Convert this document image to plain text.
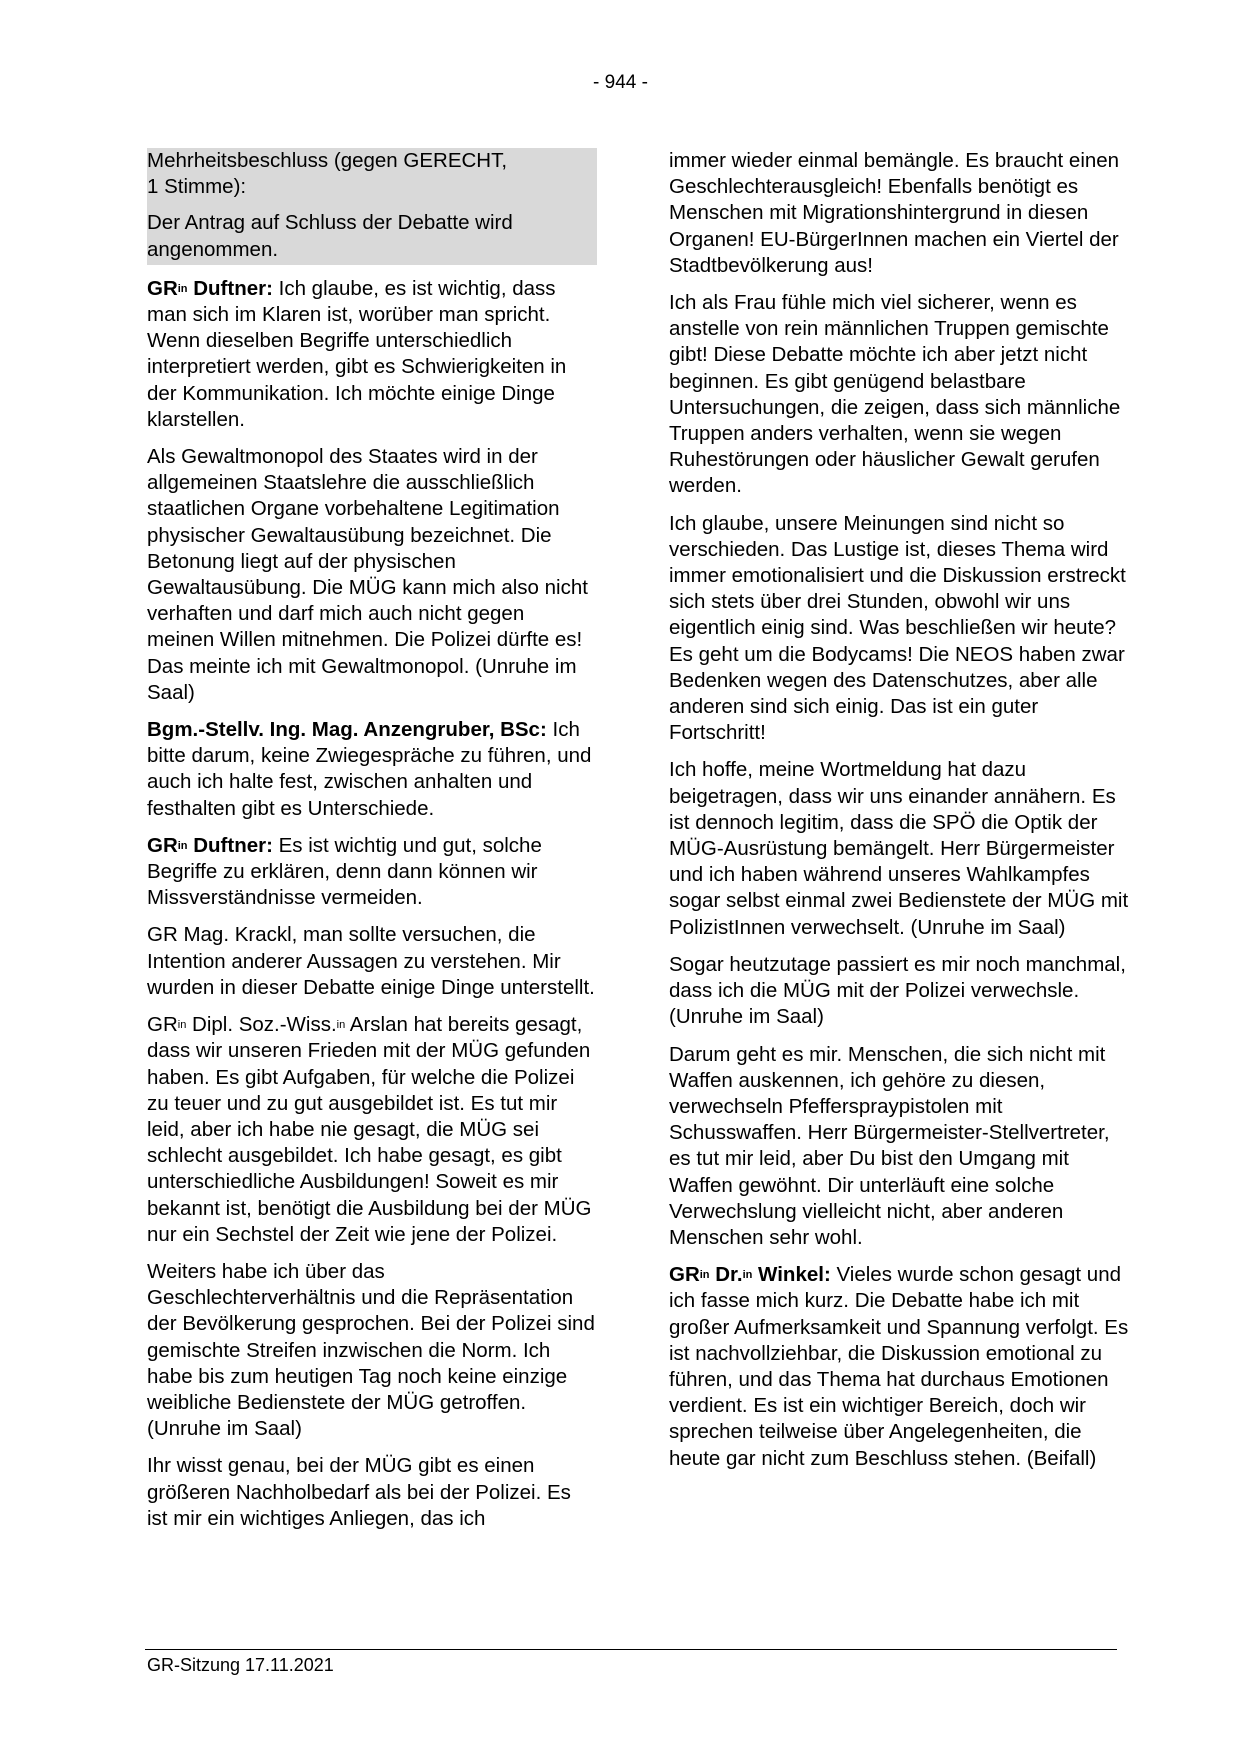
- 944 -

Mehrheitsbeschluss (gegen GERECHT,
1 Stimme):

Der Antrag auf Schluss der Debatte wird angenommen.

$GR^{in}$ Duftner: Ich glaube, es ist wichtig, dass man sich im Klaren ist, worüber man spricht. Wenn dieselben Begriffe unterschiedlich interpretiert werden, gibt es Schwierigkeiten in der Kommunikation. Ich möchte einige Dinge klarstellen.

Als Gewaltmonopol des Staates wird in der allgemeinen Staatslehre die ausschließlich staatlichen Organe vorbehaltene Legitimation physischer Gewaltausübung bezeichnet. Die Betonung liegt auf der physischen Gewaltausübung. Die MÜG kann mich also nicht verhaften und darf mich auch nicht gegen meinen Willen mitnehmen. Die Polizei dürfte es! Das meinte ich mit Gewaltmonopol. (Unruhe im Saal)

Bgm.-Stellv. Ing. Mag. Anzengruber, BSc: Ich bitte darum, keine Zwiegespräche zu führen, und auch ich halte fest, zwischen anhalten und festhalten gibt es Unterschiede.

$GR^{in}$ Duftner: Es ist wichtig und gut, solche Begriffe zu erklären, denn dann können wir Missverständnisse vermeiden.

GR Mag. Krackl, man sollte versuchen, die Intention anderer Aussagen zu verstehen. Mir wurden in dieser Debatte einige Dinge unterstellt.

$GR^{in}$ Dipl. Soz.-Wiss.$^{in}$ Arslan hat bereits gesagt, dass wir unseren Frieden mit der MÜG gefunden haben. Es gibt Aufgaben, für welche die Polizei zu teuer und zu gut ausgebildet ist. Es tut mir leid, aber ich habe nie gesagt, die MÜG sei schlecht ausgebildet. Ich habe gesagt, es gibt unterschiedliche Ausbildungen! Soweit es mir bekannt ist, benötigt die Ausbildung bei der MÜG nur ein Sechstel der Zeit wie jene der Polizei.

Weiters habe ich über das Geschlechterverhältnis und die Repräsentation der Bevölkerung gesprochen. Bei der Polizei sind gemischte Streifen inzwischen die Norm. Ich habe bis zum heutigen Tag noch keine einzige weibliche Bedienstete der MÜG getroffen. (Unruhe im Saal)

Ihr wisst genau, bei der MÜG gibt es einen größeren Nachholbedarf als bei der Polizei. Es ist mir ein wichtiges Anliegen, das ich

immer wieder einmal bemängle. Es braucht einen Geschlechterausgleich! Ebenfalls benötigt es Menschen mit Migrationshintergrund in diesen Organen! EU-BürgerInnen machen ein Viertel der Stadtbevölkerung aus!

Ich als Frau fühle mich viel sicherer, wenn es anstelle von rein männlichen Truppen gemischte gibt! Diese Debatte möchte ich aber jetzt nicht beginnen. Es gibt genügend belastbare Untersuchungen, die zeigen, dass sich männliche Truppen anders verhalten, wenn sie wegen Ruhestörungen oder häuslicher Gewalt gerufen werden.

Ich glaube, unsere Meinungen sind nicht so verschieden. Das Lustige ist, dieses Thema wird immer emotionalisiert und die Diskussion erstreckt sich stets über drei Stunden, obwohl wir uns eigentlich einig sind. Was beschließen wir heute? Es geht um die Bodycams! Die NEOS haben zwar Bedenken wegen des Datenschutzes, aber alle anderen sind sich einig. Das ist ein guter Fortschritt!

Ich hoffe, meine Wortmeldung hat dazu beigetragen, dass wir uns einander annähern. Es ist dennoch legitim, dass die SPÖ die Optik der MÜG-Ausrüstung bemängelt. Herr Bürgermeister und ich haben während unseres Wahlkampfes sogar selbst einmal zwei Bedienstete der MÜG mit PolizistInnen verwechselt. (Unruhe im Saal)

Sogar heutzutage passiert es mir noch manchmal, dass ich die MÜG mit der Polizei verwechsle. (Unruhe im Saal)

Darum geht es mir. Menschen, die sich nicht mit Waffen auskennen, ich gehöre zu diesen, verwechseln Pfefferspraypistolen mit Schusswaffen. Herr Bürgermeister-Stellvertreter, es tut mir leid, aber Du bist den Umgang mit Waffen gewöhnt. Dir unterläuft eine solche Verwechslung vielleicht nicht, aber anderen Menschen sehr wohl.

$GR^{in}$ Dr.$^{in}$ Winkel: Vieles wurde schon gesagt und ich fasse mich kurz. Die Debatte habe ich mit großer Aufmerksamkeit und Spannung verfolgt. Es ist nachvollziehbar, die Diskussion emotional zu führen, und das Thema hat durchaus Emotionen verdient. Es ist ein wichtiger Bereich, doch wir sprechen teilweise über Angelegenheiten, die heute gar nicht zum Beschluss stehen. (Beifall)

GR-Sitzung 17.11.2021
